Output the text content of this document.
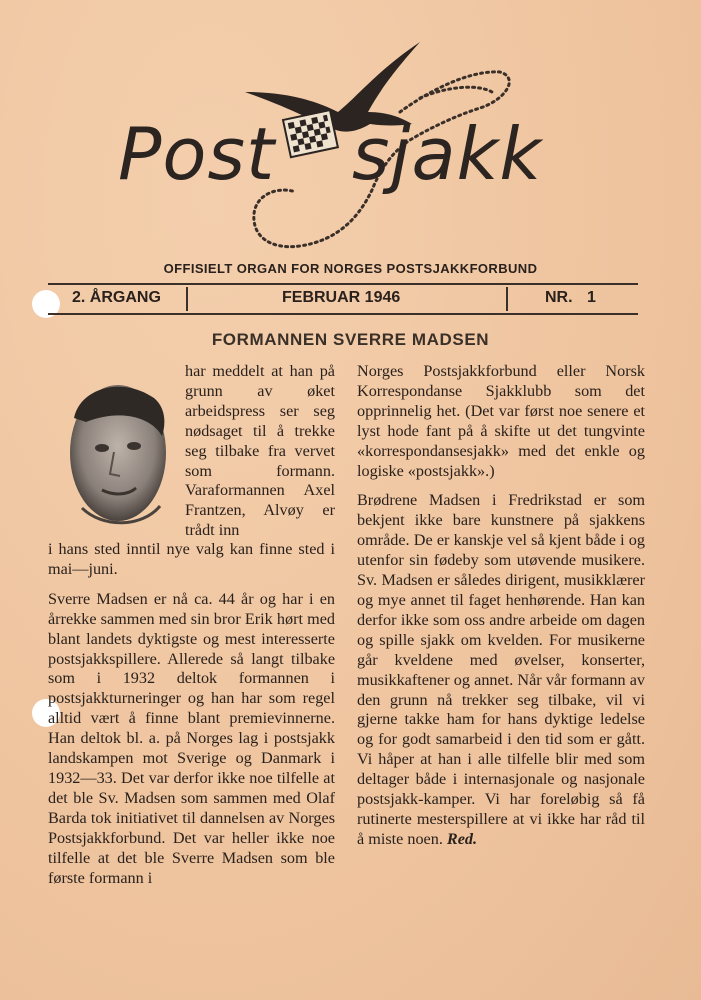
Post sjakk
OFFISIELT ORGAN FOR NORGES POSTSJAKKFORBUND
2. ÅRGANG	FEBRUAR 1946	NR. 1
FORMANNEN SVERRE MADSEN
har meddelt at han på grunn av øket arbeidspress ser seg nødsaget til å trekke seg tilbake fra vervet som formann. Varaformannen Axel Frantzen, Alvøy er trådt inn

i hans sted inntil nye valg kan finne sted i mai—juni.

Sverre Madsen er nå ca. 44 år og har i en årrekke sammen med sin bror Erik hørt med blant landets dyktigste og mest interesserte postsjakkspillere. Allerede så langt tilbake som i 1932 deltok formannen i postsjakkturneringer og han har som regel alltid vært å finne blant premievinnerne. Han deltok bl. a. på Norges lag i postsjakk landskampen mot Sverige og Danmark i 1932—33. Det var derfor ikke noe tilfelle at det ble Sv. Madsen som sammen med Olaf Barda tok initiativet til dannelsen av Norges Postsjakkforbund. Det var heller ikke noe tilfelle at det ble Sverre Madsen som ble første formann i

Norges Postsjakkforbund eller Norsk Korrespondanse Sjakklubb som det opprinnelig het. (Det var først noe senere et lyst hode fant på å skifte ut det tungvinte «korrespondansesjakk» med det enkle og logiske «postsjakk».)

Brødrene Madsen i Fredrikstad er som bekjent ikke bare kunstnere på sjakkens område. De er kanskje vel så kjent både i og utenfor sin fødeby som utøvende musikere. Sv. Madsen er således dirigent, musikklærer og mye annet til faget henhørende. Han kan derfor ikke som oss andre arbeide om dagen og spille sjakk om kvelden. For musikerne går kveldene med øvelser, konserter, musikkaftener og annet. Når vår formann av den grunn nå trekker seg tilbake, vil vi gjerne takke ham for hans dyktige ledelse og for godt samarbeid i den tid som er gått. Vi håper at han i alle tilfelle blir med som deltager både i internasjonale og nasjonale postsjakk-kamper. Vi har foreløbig så få rutinerte mesterspillere at vi ikke har råd til å miste noen. Red.
